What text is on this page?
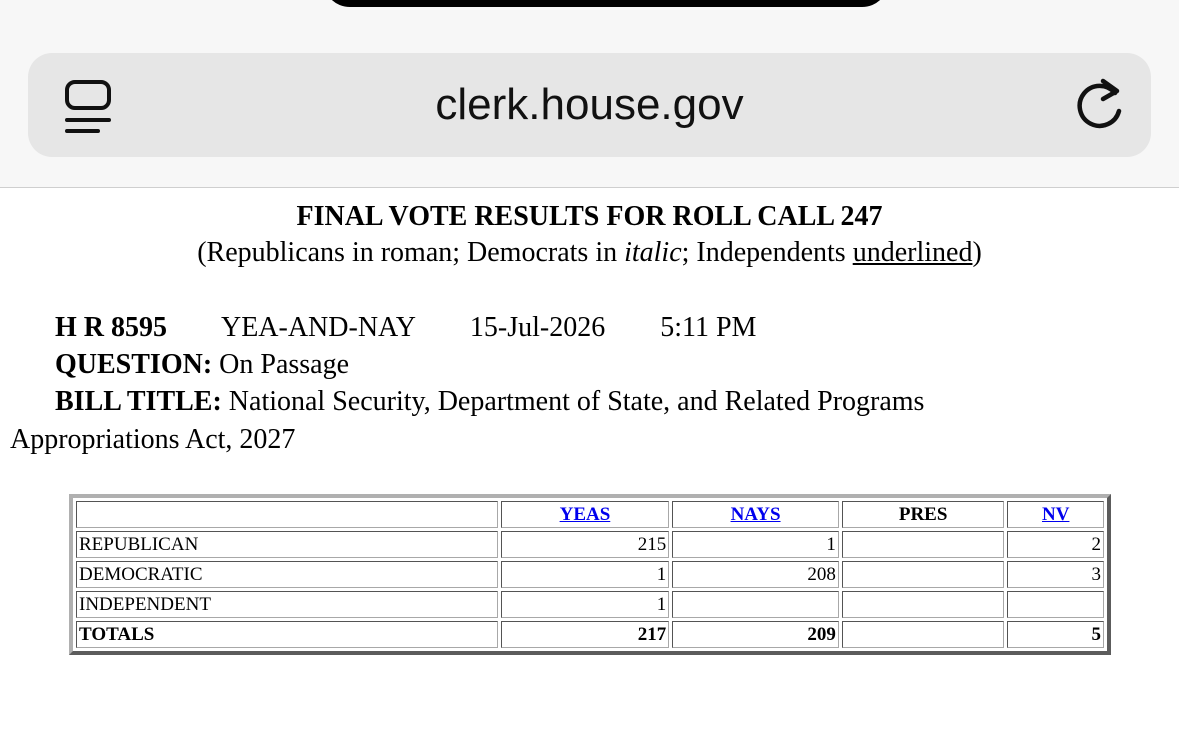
clerk.house.gov
FINAL VOTE RESULTS FOR ROLL CALL 247
(Republicans in roman; Democrats in italic; Independents underlined)
H R 8595 YEA-AND-NAY 15-Jul-2026 5:11 PM
QUESTION: On Passage
BILL TITLE: National Security, Department of State, and Related Programs
Appropriations Act, 2027
	YEAS	NAYS	PRES	NV
REPUBLICAN	215	1		2
DEMOCRATIC	1	208		3
INDEPENDENT	1			
TOTALS	217	209		5
